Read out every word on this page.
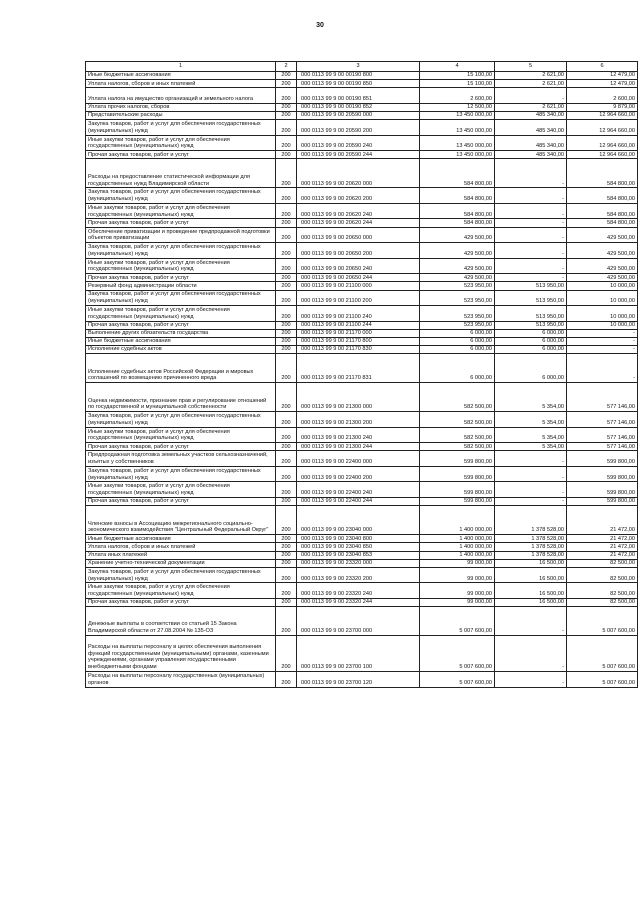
30
1	2	3	4	5	6
Иные бюджетные ассигнования	200	000 0113 99 9 00 00190 800	15 100,00	2 621,00	12 479,00
Уплата налогов, сборов и иных платежей	200	000 0113 99 9 00 00190 850	15 100,00	2 621,00	12 479,00
Уплата налога на имущество организаций и земельного налога	200	000 0113 99 9 00 00190 851	2 600,00	-	2 600,00
Уплата прочих налогов, сборов	200	000 0113 99 9 00 00190 852	12 500,00	2 621,00	9 879,00
Представительские расходы	200	000 0113 99 9 00 20590 000	13 450 000,00	485 340,00	12 964 660,00
Закупка товаров, работ и услуг для обеспечения государственных (муниципальных) нужд	200	000 0113 99 9 00 20590 200	13 450 000,00	485 340,00	12 964 660,00
Иные закупки товаров, работ и услуг для обеспечения государственных (муниципальных) нужд	200	000 0113 99 9 00 20590 240	13 450 000,00	485 340,00	12 964 660,00
Прочая закупка товаров, работ и услуг	200	000 0113 99 9 00 20590 244	13 450 000,00	485 340,00	12 964 660,00
Расходы на предоставление статистической информации для государственных нужд Владимирской области	200	000 0113 99 9 00 20620 000	584 800,00	-	584 800,00
Закупка товаров, работ и услуг для обеспечения государственных (муниципальных) нужд	200	000 0113 99 9 00 20620 200	584 800,00	-	584 800,00
Иные закупки товаров, работ и услуг для обеспечения государственных (муниципальных) нужд	200	000 0113 99 9 00 20620 240	584 800,00	-	584 800,00
Прочая закупка товаров, работ и услуг	200	000 0113 99 9 00 20620 244	584 800,00	-	584 800,00
Обеспечение приватизации и проведение предпродажной подготовки объектов приватизации	200	000 0113 99 9 00 20650 000	429 500,00	-	429 500,00
Закупка товаров, работ и услуг для обеспечения государственных (муниципальных) нужд	200	000 0113 99 9 00 20650 200	429 500,00	-	429 500,00
Иные закупки товаров, работ и услуг для обеспечения государственных (муниципальных) нужд	200	000 0113 99 9 00 20650 240	429 500,00	-	429 500,00
Прочая закупка товаров, работ и услуг	200	000 0113 99 9 00 20650 244	429 500,00	-	429 500,00
Резервный фонд администрации области	200	000 0113 99 9 00 21100 000	523 950,00	513 950,00	10 000,00
Закупка товаров, работ и услуг для обеспечения государственных (муниципальных) нужд	200	000 0113 99 9 00 21100 200	523 950,00	513 950,00	10 000,00
Иные закупки товаров, работ и услуг для обеспечения государственных (муниципальных) нужд	200	000 0113 99 9 00 21100 240	523 950,00	513 950,00	10 000,00
Прочая закупка товаров, работ и услуг	200	000 0113 99 9 00 21100 244	523 950,00	513 950,00	10 000,00
Выполнение других обязательств государства	200	000 0113 99 9 00 21170 000	6 000,00	6 000,00	-
Иные бюджетные ассигнования	200	000 0113 99 9 00 21170 800	6 000,00	6 000,00	-
Исполнение судебных актов	200	000 0113 99 9 00 21170 830	6 000,00	6 000,00	-
Исполнение судебных актов Российской Федерации и мировых соглашений по возмещению причиненного вреда	200	000 0113 99 9 00 21170 831	6 000,00	6 000,00	-
Оценка недвижимости, признание прав и регулирование отношений по государственной и муниципальной собственности	200	000 0113 99 9 00 21300 000	582 500,00	5 354,00	577 146,00
Закупка товаров, работ и услуг для обеспечения государственных (муниципальных) нужд	200	000 0113 99 9 00 21300 200	582 500,00	5 354,00	577 146,00
Иные закупки товаров, работ и услуг для обеспечения государственных (муниципальных) нужд	200	000 0113 99 9 00 21300 240	582 500,00	5 354,00	577 146,00
Прочая закупка товаров, работ и услуг	200	000 0113 99 9 00 21300 244	582 500,00	5 354,00	577 146,00
Предпродажная подготовка земельных участков сельхозназначений, изъятых у собственников	200	000 0113 99 9 00 22400 000	599 800,00	-	599 800,00
Закупка товаров, работ и услуг для обеспечения государственных (муниципальных) нужд	200	000 0113 99 9 00 22400 200	599 800,00	-	599 800,00
Иные закупки товаров, работ и услуг для обеспечения государственных (муниципальных) нужд	200	000 0113 99 9 00 22400 240	599 800,00	-	599 800,00
Прочая закупка товаров, работ и услуг	200	000 0113 99 9 00 22400 244	599 800,00	-	599 800,00
Членские взносы в Ассоциацию межрегионального социально-экономического взаимодействия "Центральный Федеральный Округ"	200	000 0113 99 9 00 23040 000	1 400 000,00	1 378 528,00	21 472,00
Иные бюджетные ассигнования	200	000 0113 99 9 00 23040 800	1 400 000,00	1 378 528,00	21 472,00
Уплата налогов, сборов и иных платежей	200	000 0113 99 9 00 23040 850	1 400 000,00	1 378 528,00	21 472,00
Уплата иных платежей	200	000 0113 99 9 00 23040 853	1 400 000,00	1 378 528,00	21 472,00
Хранение учетно-технической документации	200	000 0113 99 9 00 23320 000	99 000,00	16 500,00	82 500,00
Закупка товаров, работ и услуг для обеспечения государственных (муниципальных) нужд	200	000 0113 99 9 00 23320 200	99 000,00	16 500,00	82 500,00
Иные закупки товаров, работ и услуг для обеспечения государственных (муниципальных) нужд	200	000 0113 99 9 00 23320 240	99 000,00	16 500,00	82 500,00
Прочая закупка товаров, работ и услуг	200	000 0113 99 9 00 23320 244	99 000,00	16 500,00	82 500,00
Денежные выплаты в соответствии со статьей 15 Закона Владимирской области от 27.08.2004 № 135-ОЗ	200	000 0113 99 9 00 23700 000	5 007 600,00	-	5 007 600,00
Расходы на выплаты персоналу в целях обеспечения выполнения функций государственными (муниципальными) органами, казенными учреждениями, органами управления государственными внебюджетными фондами	200	000 0113 99 9 00 23700 100	5 007 600,00	-	5 007 600,00
Расходы на выплаты персоналу государственных (муниципальных) органов	200	000 0113 99 9 00 23700 120	5 007 600,00	-	5 007 600,00
